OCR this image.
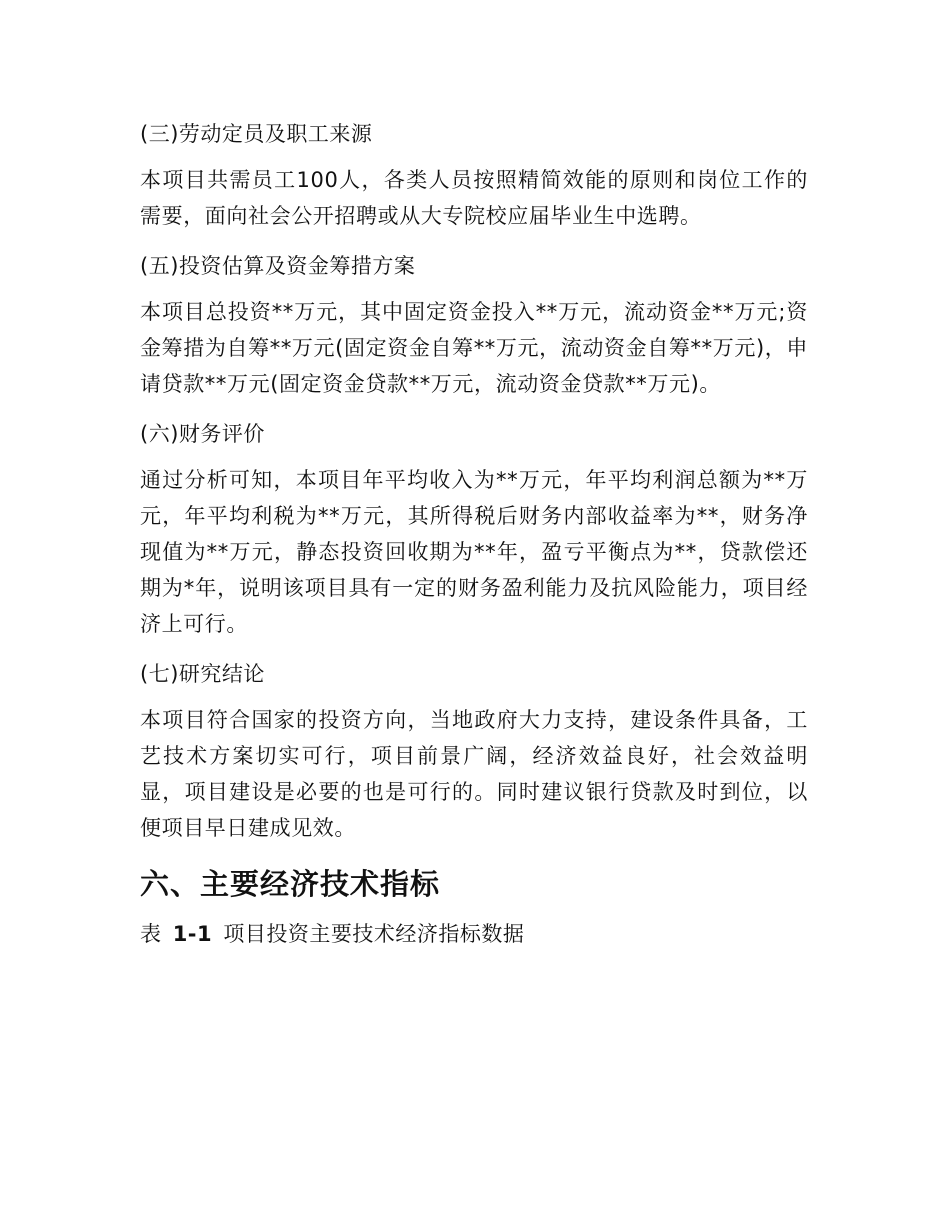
(三)劳动定员及职工来源

本项目共需员工100人，各类人员按照精简效能的原则和岗位工作的需要，面向社会公开招聘或从大专院校应届毕业生中选聘。

(五)投资估算及资金筹措方案

本项目总投资**万元，其中固定资金投入**万元，流动资金**万元;资金筹措为自筹**万元(固定资金自筹**万元，流动资金自筹**万元)，申请贷款**万元(固定资金贷款**万元，流动资金贷款**万元)。

(六)财务评价

通过分析可知，本项目年平均收入为**万元，年平均利润总额为**万元，年平均利税为**万元，其所得税后财务内部收益率为**，财务净现值为**万元，静态投资回收期为**年，盈亏平衡点为**，贷款偿还期为*年，说明该项目具有一定的财务盈利能力及抗风险能力，项目经济上可行。

(七)研究结论

本项目符合国家的投资方向，当地政府大力支持，建设条件具备，工艺技术方案切实可行，项目前景广阔，经济效益良好，社会效益明显，项目建设是必要的也是可行的。同时建议银行贷款及时到位，以便项目早日建成见效。

六、主要经济技术指标

表 1-1 项目投资主要技术经济指标数据
